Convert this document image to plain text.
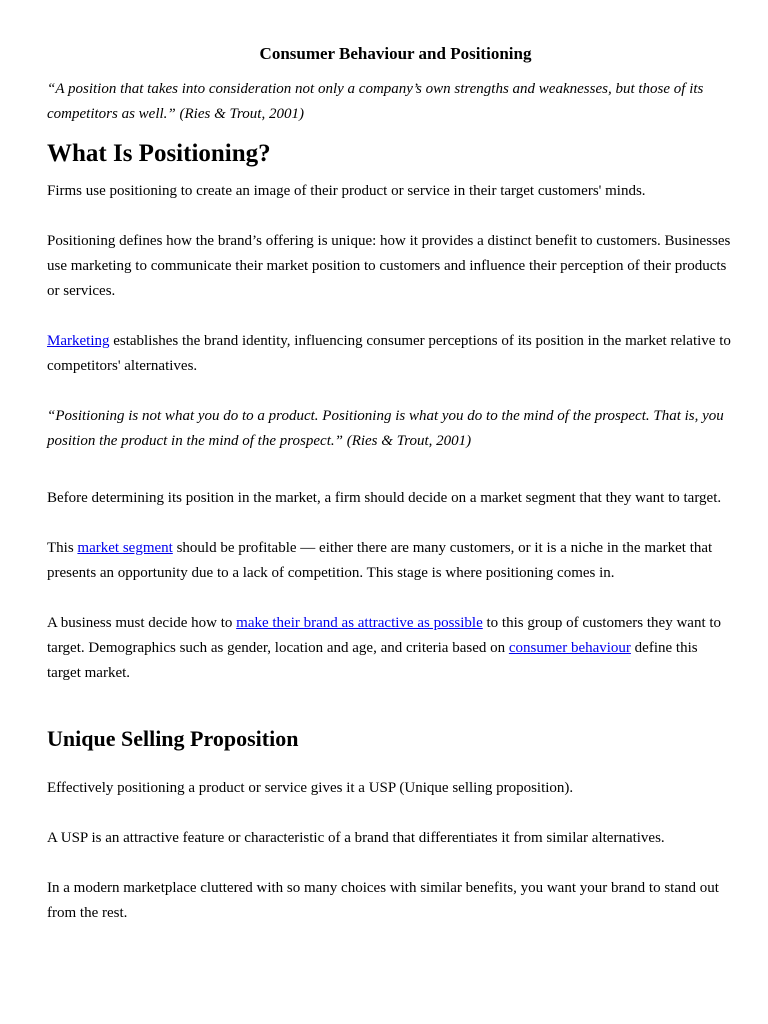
Consumer Behaviour and Positioning

“A position that takes into consideration not only a company’s own strengths and weaknesses, but those of its competitors as well.” (Ries & Trout, 2001)

What Is Positioning?

Firms use positioning to create an image of their product or service in their target customers' minds.

Positioning defines how the brand’s offering is unique: how it provides a distinct benefit to customers. Businesses use marketing to communicate their market position to customers and influence their perception of their products or services.

Marketing establishes the brand identity, influencing consumer perceptions of its position in the market relative to competitors' alternatives.

“Positioning is not what you do to a product. Positioning is what you do to the mind of the prospect. That is, you position the product in the mind of the prospect.” (Ries & Trout, 2001)

Before determining its position in the market, a firm should decide on a market segment that they want to target.

This market segment should be profitable — either there are many customers, or it is a niche in the market that presents an opportunity due to a lack of competition. This stage is where positioning comes in.

A business must decide how to make their brand as attractive as possible to this group of customers they want to target. Demographics such as gender, location and age, and criteria based on consumer behaviour define this target market.

Unique Selling Proposition

Effectively positioning a product or service gives it a USP (Unique selling proposition).

A USP is an attractive feature or characteristic of a brand that differentiates it from similar alternatives.

In a modern marketplace cluttered with so many choices with similar benefits, you want your brand to stand out from the rest.
